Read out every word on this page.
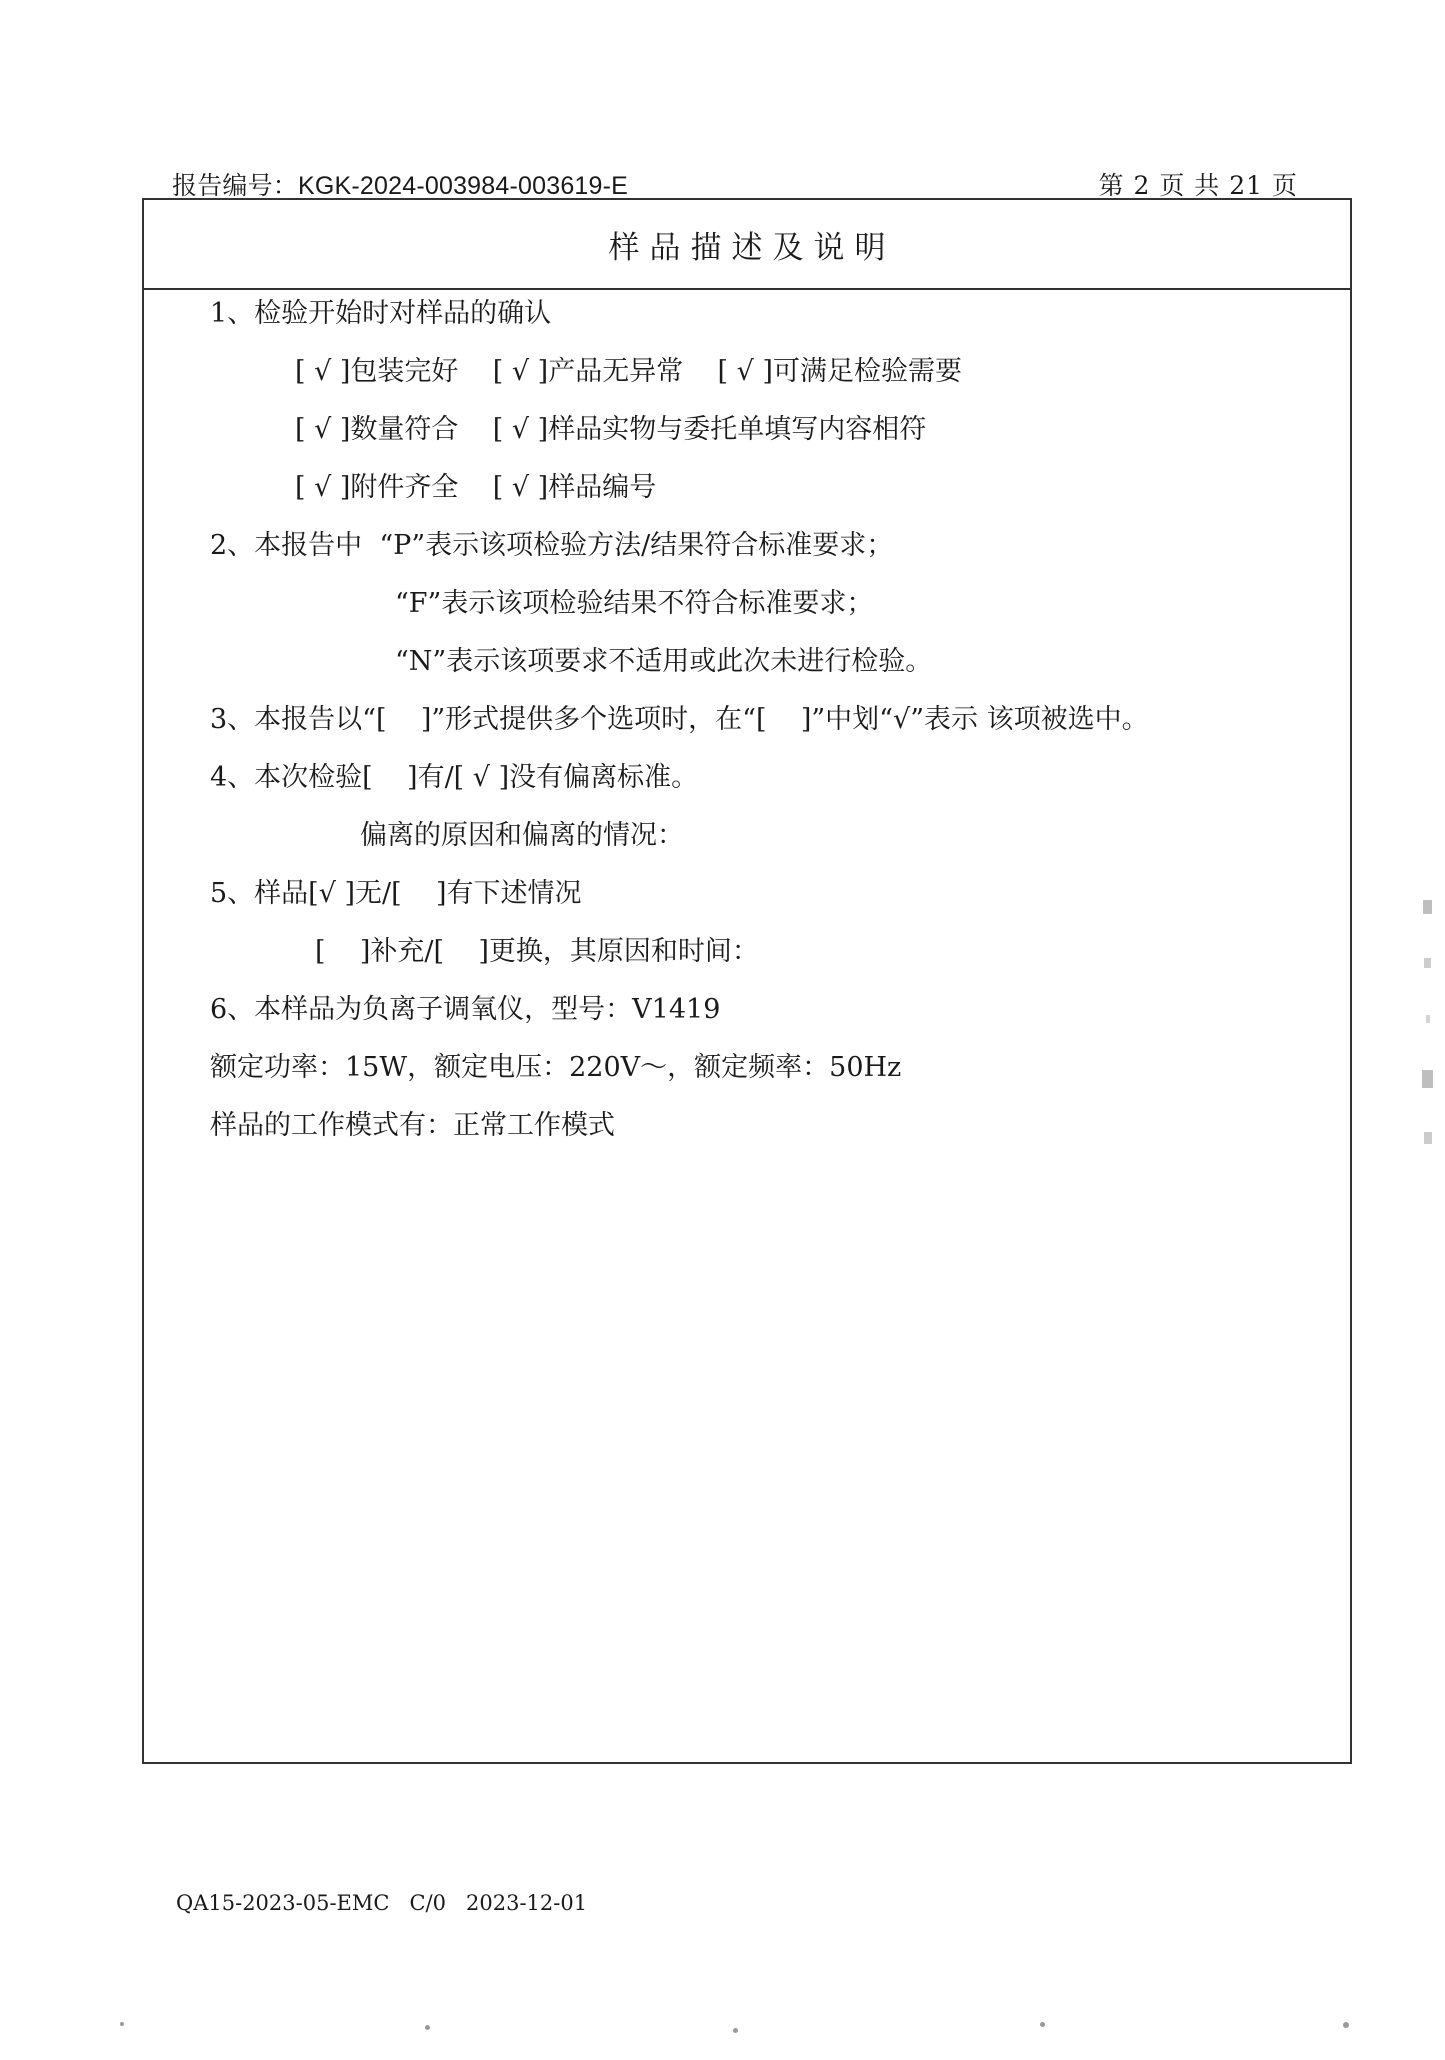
报告编号：KGK-2024-003984-003619-E	第 2 页 共 21 页
样品描述及说明
1、检验开始时对样品的确认
[ √ ]包装完好    [ √ ]产品无异常    [ √ ]可满足检验需要
[ √ ]数量符合    [ √ ]样品实物与委托单填写内容相符
[ √ ]附件齐全    [ √ ]样品编号
2、本报告中  “P”表示该项检验方法/结果符合标准要求；
“F”表示该项检验结果不符合标准要求；
“N”表示该项要求不适用或此次未进行检验。
3、本报告以“[    ]”形式提供多个选项时，在“[    ]”中划“√”表示 该项被选中。
4、本次检验[    ]有/[ √ ]没有偏离标准。
偏离的原因和偏离的情况：
5、样品[√ ]无/[    ]有下述情况
[    ]补充/[    ]更换，其原因和时间：
6、本样品为负离子调氧仪，型号：V1419
额定功率：15W，额定电压：220V～，额定频率：50Hz
样品的工作模式有：正常工作模式
QA15-2023-05-EMC   C/0   2023-12-01
